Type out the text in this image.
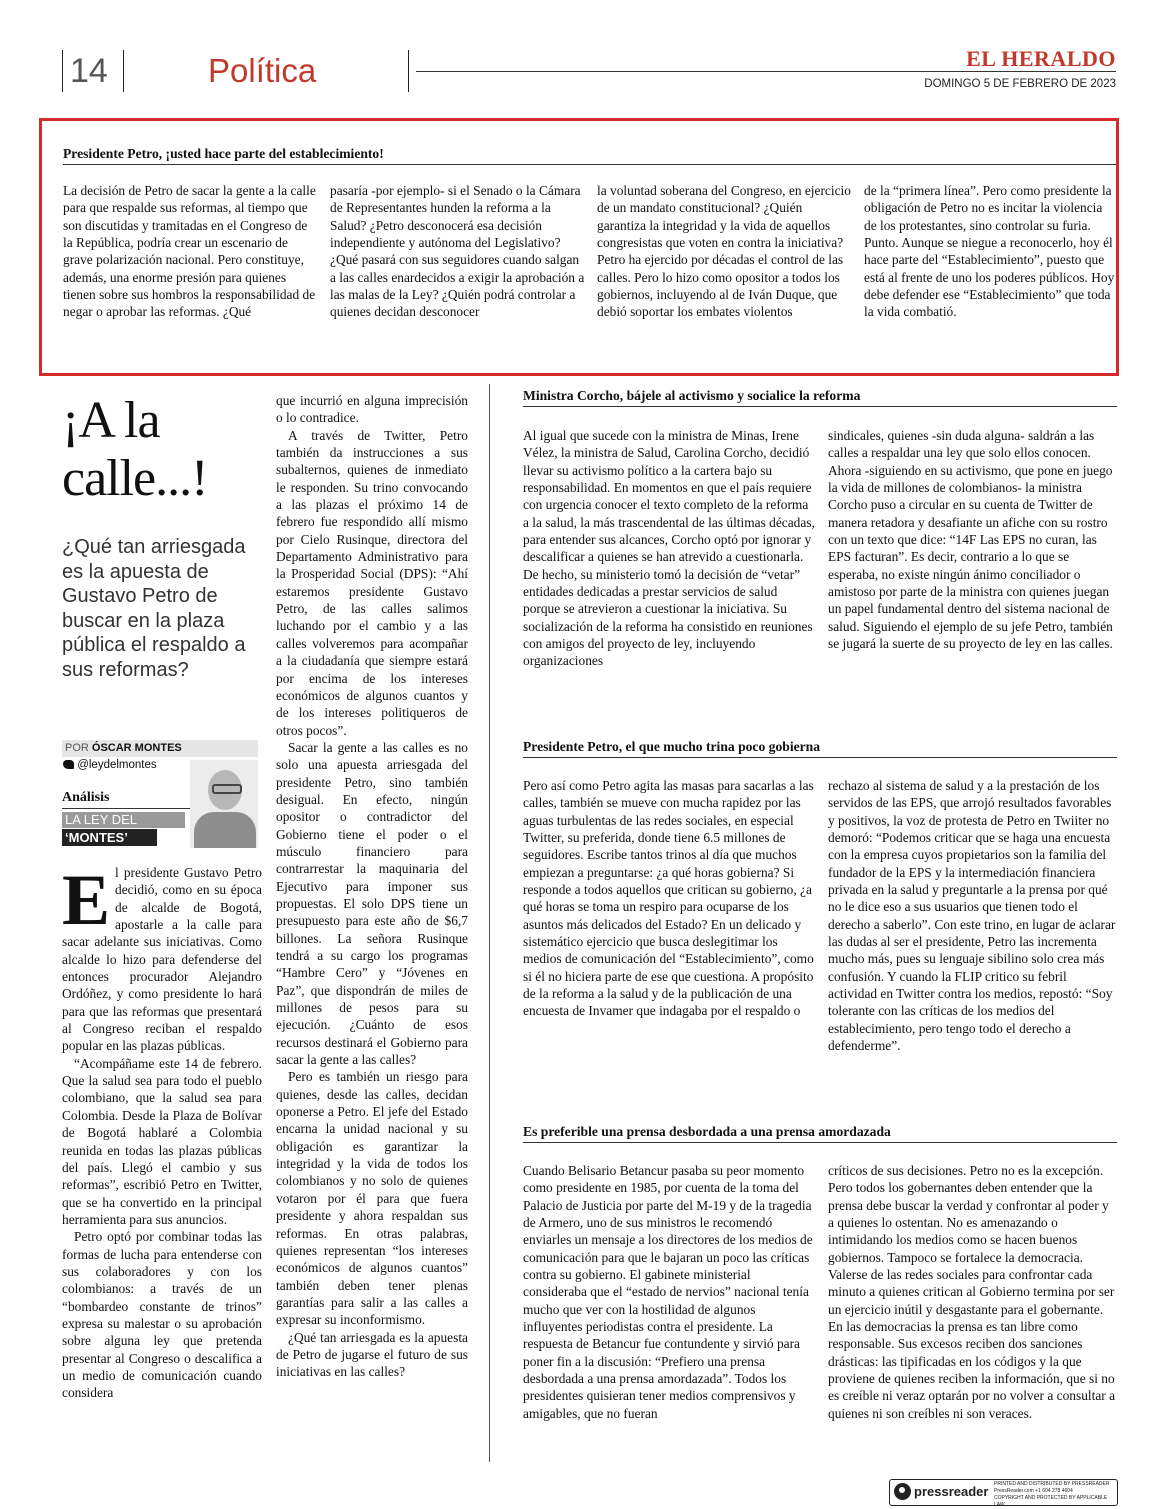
14	Política	EL HERALDO
DOMINGO 5 DE FEBRERO DE 2023
Presidente Petro, ¡usted hace parte del establecimiento!

La decisión de Petro de sacar la gente a la calle para que respalde sus reformas, al tiempo que son discutidas y tramitadas en el Congreso de la República, podría crear un escenario de grave polarización nacional. Pero constituye, además, una enorme presión para quienes tienen sobre sus hombros la responsabilidad de negar o aprobar las reformas. ¿Qué

pasaría -por ejemplo- si el Senado o la Cámara de Representantes hunden la reforma a la Salud? ¿Petro desconocerá esa decisión independiente y autónoma del Legislativo? ¿Qué pasará con sus seguidores cuando salgan a las calles enardecidos a exigir la aprobación a las malas de la Ley? ¿Quién podrá controlar a quienes decidan desconocer

la voluntad soberana del Congreso, en ejercicio de un mandato constitucional? ¿Quién garantiza la integridad y la vida de aquellos congresistas que voten en contra la iniciativa? Petro ha ejercido por décadas el control de las calles. Pero lo hizo como opositor a todos los gobiernos, incluyendo al de Iván Duque, que debió soportar los embates violentos

de la “primera línea”. Pero como presidente la obligación de Petro no es incitar la violencia de los protestantes, sino controlar su furia. Punto. Aunque se niegue a reconocerlo, hoy él hace parte del “Establecimiento”, puesto que está al frente de uno los poderes públicos. Hoy debe defender ese “Establecimiento” que toda la vida combatió.

¡A la calle...!
¿Qué tan arriesgada es la apuesta de Gustavo Petro de buscar en la plaza pública el respaldo a sus reformas?
POR ÓSCAR MONTES
@leydelmontes
Análisis
LA LEY DEL
‘MONTES’
E l presidente Gustavo Petro decidió, como en su época de alcalde de Bogotá, apostarle a la calle para sacar adelante sus iniciativas. Como alcalde lo hizo para defenderse del entonces procurador Alejandro Ordóñez, y como presidente lo hará para que las reformas que presentará al Congreso reciban el respaldo popular en las plazas públicas.

“Acompáñame este 14 de febrero. Que la salud sea para todo el pueblo colombiano, que la salud sea para Colombia. Desde la Plaza de Bolívar de Bogotá hablaré a Colombia reunida en todas las plazas públicas del país. Llegó el cambio y sus reformas”, escribió Petro en Twitter, que se ha convertido en la principal herramienta para sus anuncios.

Petro optó por combinar todas las formas de lucha para entenderse con sus colaboradores y con los colombianos: a través de un “bombardeo constante de trinos” expresa su malestar o su aprobación sobre alguna ley que pretenda presentar al Congreso o descalifica a un medio de comunicación cuando considera

que incurrió en alguna imprecisión o lo contradice.

A través de Twitter, Petro también da instrucciones a sus subalternos, quienes de inmediato le responden. Su trino convocando a las plazas el próximo 14 de febrero fue respondido allí mismo por Cielo Rusinque, directora del Departamento Administrativo para la Prosperidad Social (DPS): “Ahí estaremos presidente Gustavo Petro, de las calles salimos luchando por el cambio y a las calles volveremos para acompañar a la ciudadanía que siempre estará por encima de los intereses económicos de algunos cuantos y de los intereses politiqueros de otros pocos”.

Sacar la gente a las calles es no solo una apuesta arriesgada del presidente Petro, sino también desigual. En efecto, ningún opositor o contradictor del Gobierno tiene el poder o el músculo financiero para contrarrestar la maquinaria del Ejecutivo para imponer sus propuestas. El solo DPS tiene un presupuesto para este año de $6,7 billones. La señora Rusinque tendrá a su cargo los programas “Hambre Cero” y “Jóvenes en Paz”, que dispondrán de miles de millones de pesos para su ejecución. ¿Cuánto de esos recursos destinará el Gobierno para sacar la gente a las calles?

Pero es también un riesgo para quienes, desde las calles, decidan oponerse a Petro. El jefe del Estado encarna la unidad nacional y su obligación es garantizar la integridad y la vida de todos los colombianos y no solo de quienes votaron por él para que fuera presidente y ahora respaldan sus reformas. En otras palabras, quienes representan “los intereses económicos de algunos cuantos” también deben tener plenas garantías para salir a las calles a expresar su inconformismo.

¿Qué tan arriesgada es la apuesta de Petro de jugarse el futuro de sus iniciativas en las calles?

Ministra Corcho, bájele al activismo y socialice la reforma

Al igual que sucede con la ministra de Minas, Irene Vélez, la ministra de Salud, Carolina Corcho, decidió llevar su activismo político a la cartera bajo su responsabilidad. En momentos en que el país requiere con urgencia conocer el texto completo de la reforma a la salud, la más trascendental de las últimas décadas, para entender sus alcances, Corcho optó por ignorar y descalificar a quienes se han atrevido a cuestionarla. De hecho, su ministerio tomó la decisión de “vetar” entidades dedicadas a prestar servicios de salud porque se atrevieron a cuestionar la iniciativa. Su socialización de la reforma ha consistido en reuniones con amigos del proyecto de ley, incluyendo organizaciones

sindicales, quienes -sin duda alguna- saldrán a las calles a respaldar una ley que solo ellos conocen. Ahora -siguiendo en su activismo, que pone en juego la vida de millones de colombianos- la ministra Corcho puso a circular en su cuenta de Twitter de manera retadora y desafiante un afiche con su rostro con un texto que dice: “14F Las EPS no curan, las EPS facturan”. Es decir, contrario a lo que se esperaba, no existe ningún ánimo conciliador o amistoso por parte de la ministra con quienes juegan un papel fundamental dentro del sistema nacional de salud. Siguiendo el ejemplo de su jefe Petro, también se jugará la suerte de su proyecto de ley en las calles.

Presidente Petro, el que mucho trina poco gobierna

Pero así como Petro agita las masas para sacarlas a las calles, también se mueve con mucha rapidez por las aguas turbulentas de las redes sociales, en especial Twitter, su preferida, donde tiene 6.5 millones de seguidores. Escribe tantos trinos al día que muchos empiezan a preguntarse: ¿a qué horas gobierna? Si responde a todos aquellos que critican su gobierno, ¿a qué horas se toma un respiro para ocuparse de los asuntos más delicados del Estado? En un delicado y sistemático ejercicio que busca deslegitimar los medios de comunicación del “Establecimiento”, como si él no hiciera parte de ese que cuestiona. A propósito de la reforma a la salud y de la publicación de una encuesta de Invamer que indagaba por el respaldo o

rechazo al sistema de salud y a la prestación de los servidos de las EPS, que arrojó resultados favorables y positivos, la voz de protesta de Petro en Twiiter no demoró: “Podemos criticar que se haga una encuesta con la empresa cuyos propietarios son la familia del fundador de la EPS y la intermediación financiera privada en la salud y preguntarle a la prensa por qué no le dice eso a sus usuarios que tienen todo el derecho a saberlo”. Con este trino, en lugar de aclarar las dudas al ser el presidente, Petro las incrementa mucho más, pues su lenguaje sibilino solo crea más confusión. Y cuando la FLIP critico su febril actividad en Twitter contra los medios, repostó: “Soy tolerante con las críticas de los medios del establecimiento, pero tengo todo el derecho a defenderme”.

Es preferible una prensa desbordada a una prensa amordazada

Cuando Belisario Betancur pasaba su peor momento como presidente en 1985, por cuenta de la toma del Palacio de Justicia por parte del M-19 y de la tragedia de Armero, uno de sus ministros le recomendó enviarles un mensaje a los directores de los medios de comunicación para que le bajaran un poco las críticas contra su gobierno. El gabinete ministerial consideraba que el “estado de nervios” nacional tenía mucho que ver con la hostilidad de algunos influyentes periodistas contra el presidente. La respuesta de Betancur fue contundente y sirvió para poner fin a la discusión: “Prefiero una prensa desbordada a una prensa amordazada”. Todos los presidentes quisieran tener medios comprensivos y amigables, que no fueran

críticos de sus decisiones. Petro no es la excepción. Pero todos los gobernantes deben entender que la prensa debe buscar la verdad y confrontar al poder y a quienes lo ostentan. No es amenazando o intimidando los medios como se hacen buenos gobiernos. Tampoco se fortalece la democracia. Valerse de las redes sociales para confrontar cada minuto a quienes critican al Gobierno termina por ser un ejercicio inútil y desgastante para el gobernante. En las democracias la prensa es tan libre como responsable. Sus excesos reciben dos sanciones drásticas: las tipificadas en los códigos y la que proviene de quienes reciben la información, que si no es creíble ni veraz optarán por no volver a consultar a quienes ni son creíbles ni son veraces.

pressreader PRINTED AND DISTRIBUTED BY PRESSREADER
PressReader.com +1 604 278 4604
COPYRIGHT AND PROTECTED BY APPLICABLE LAW
